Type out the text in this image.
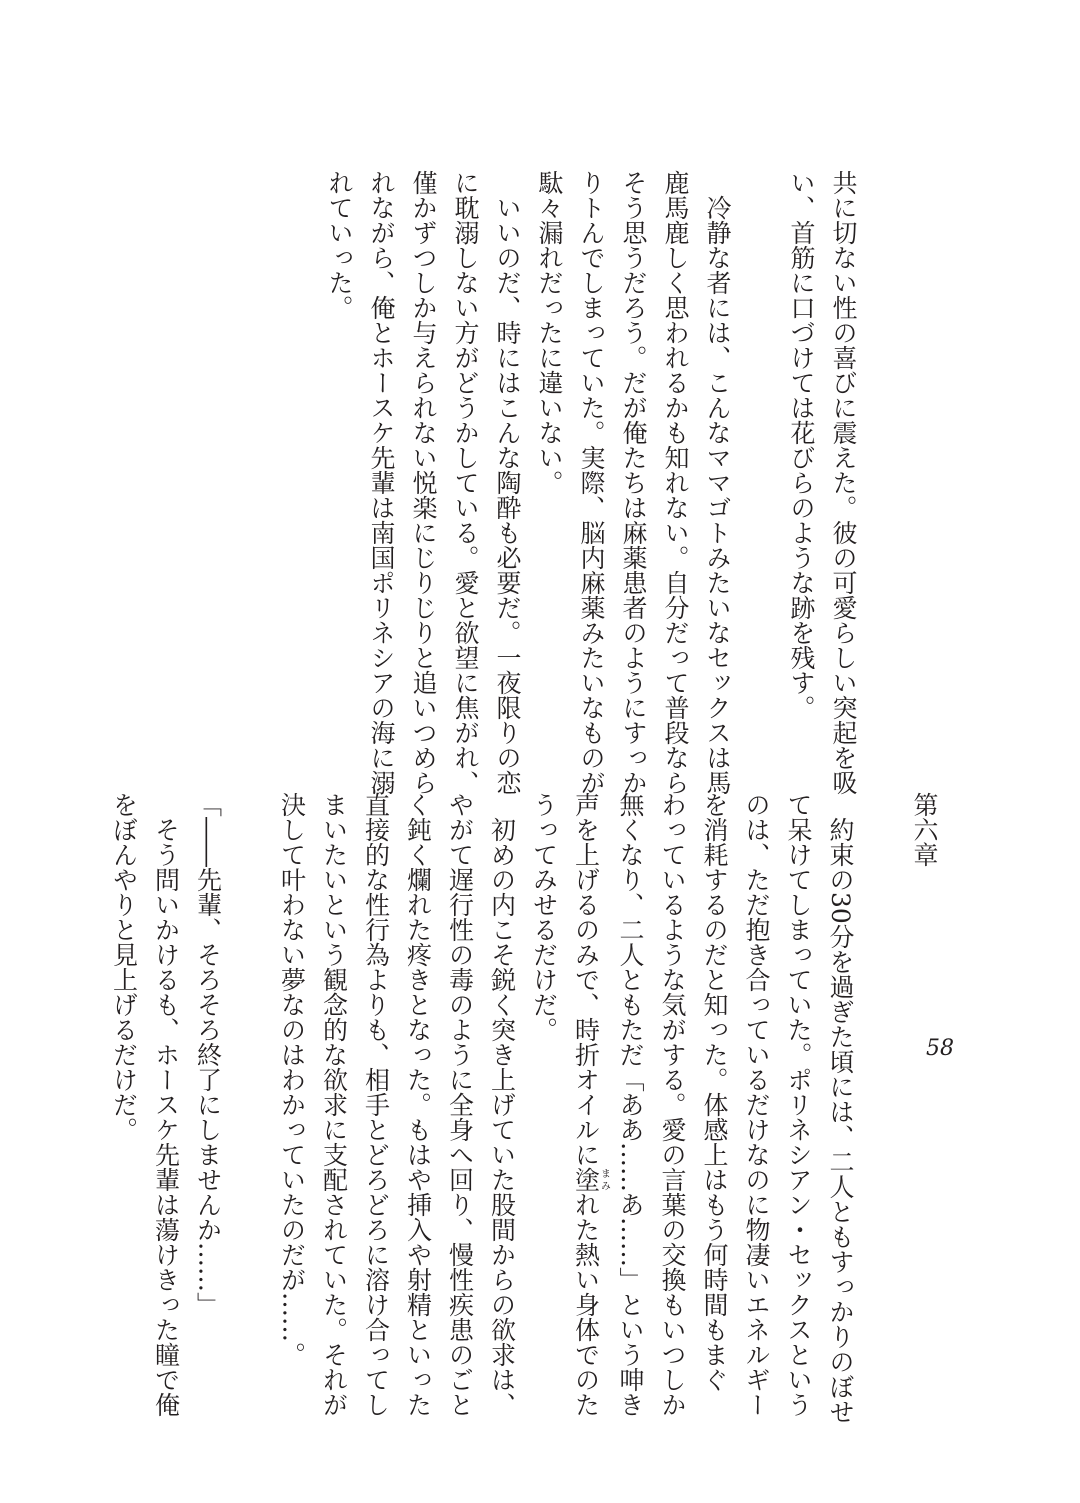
共に切ない性の喜びに震えた。彼の可愛らしい突起を吸

い、首筋に口づけては花びらのような跡を残す。

　冷静な者には、こんなママゴトみたいなセックスは馬

鹿馬鹿しく思われるかも知れない。自分だって普段なら

そう思うだろう。だが俺たちは麻薬患者のようにすっか

りトんでしまっていた。実際、脳内麻薬みたいなものが

駄々漏れだったに違いない。

　いいのだ、時にはこんな陶酔も必要だ。一夜限りの恋

に耽溺しない方がどうかしている。愛と欲望に焦がれ、

僅かずつしか与えられない悦楽にじりじりと追いつめら

れながら、俺とホースケ先輩は南国ポリネシアの海に溺

れていった。

第六章

　約束の30分を過ぎた頃には、二人ともすっかりのぼせ

て呆けてしまっていた。ポリネシアン・セックスという

のは、ただ抱き合っているだけなのに物凄いエネルギー

を消耗するのだと知った。体感上はもう何時間もまぐ

わっているような気がする。愛の言葉の交換もいつしか

無くなり、二人ともただ「ああ……あ……」という呻き

声を上げるのみで、時折オイルに塗まみれた熱い身体でのた

うってみせるだけだ。

　初めの内こそ鋭く突き上げていた股間からの欲求は、

やがて遅行性の毒のように全身へ回り、慢性疾患のごと

く鈍く爛れた疼きとなった。もはや挿入や射精といった

直接的な性行為よりも、相手とどろどろに溶け合ってし

まいたいという観念的な欲求に支配されていた。それが

決して叶わない夢なのはわかっていたのだが……。

「――先輩、そろそろ終了にしませんか……」

　そう問いかけるも、ホースケ先輩は蕩けきった瞳で俺

をぼんやりと見上げるだけだ。	58
